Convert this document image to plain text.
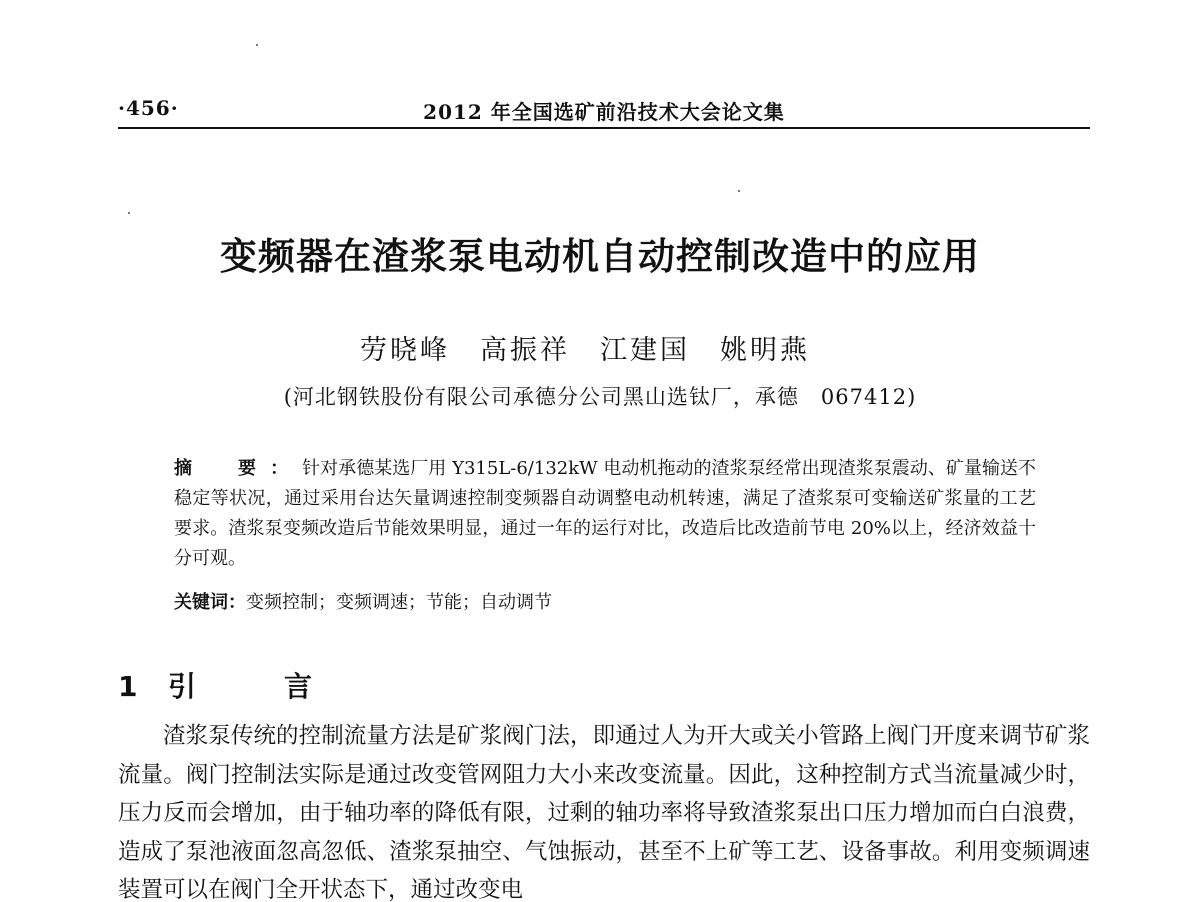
·456·	2012 年全国选矿前沿技术大会论文集
变频器在渣浆泵电动机自动控制改造中的应用
劳晓峰 高振祥 江建国 姚明燕
(河北钢铁股份有限公司承德分公司黑山选钛厂，承德　067412)
摘　要：针对承德某选厂用 Y315L-6/132kW 电动机拖动的渣浆泵经常出现渣浆泵震动、矿量输送不稳定等状况，通过采用台达矢量调速控制变频器自动调整电动机转速，满足了渣浆泵可变输送矿浆量的工艺要求。渣浆泵变频改造后节能效果明显，通过一年的运行对比，改造后比改造前节电 20%以上，经济效益十分可观。
关键词：变频控制；变频调速；节能；自动调节
1 引　言

渣浆泵传统的控制流量方法是矿浆阀门法，即通过人为开大或关小管路上阀门开度来调节矿浆流量。阀门控制法实际是通过改变管网阻力大小来改变流量。因此，这种控制方式当流量减少时，压力反而会增加，由于轴功率的降低有限，过剩的轴功率将导致渣浆泵出口压力增加而白白浪费，造成了泵池液面忽高忽低、渣浆泵抽空、气蚀振动，甚至不上矿等工艺、设备事故。利用变频调速装置可以在阀门全开状态下，通过改变电
